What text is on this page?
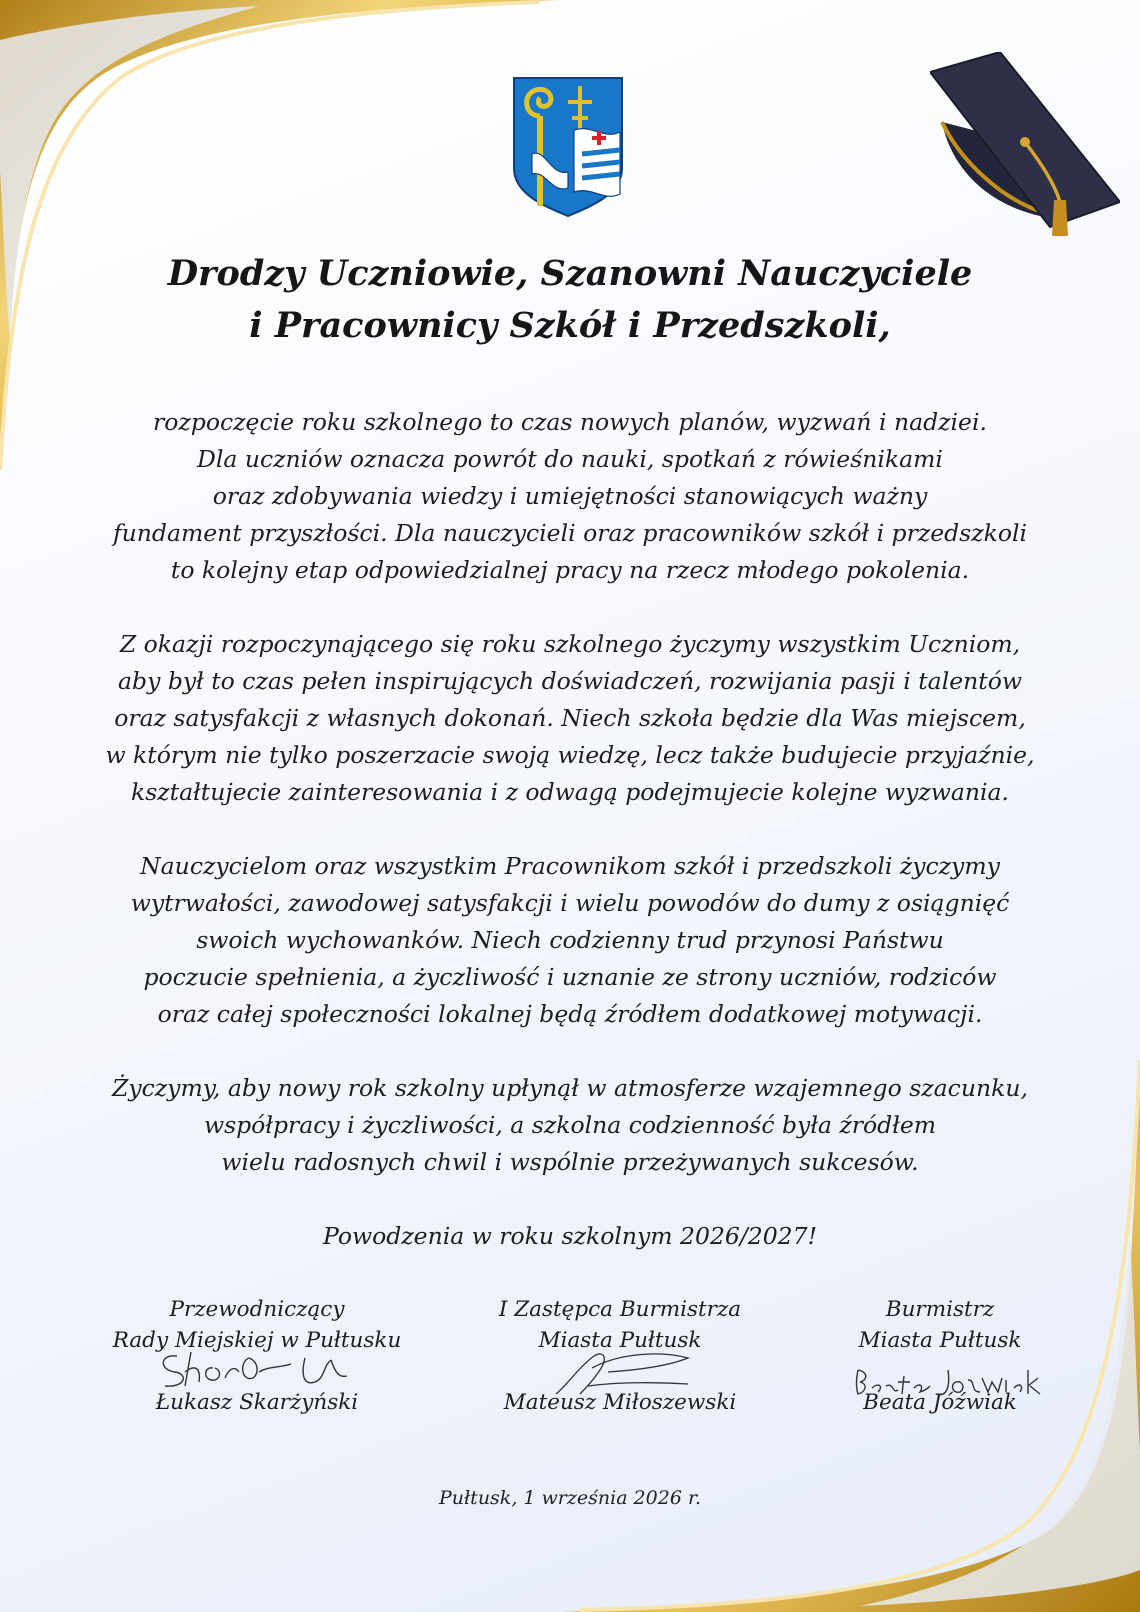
Drodzy Uczniowie, Szanowni Nauczyciele
i Pracownicy Szkół i Przedszkoli,
rozpoczęcie roku szkolnego to czas nowych planów, wyzwań i nadziei.
Dla uczniów oznacza powrót do nauki, spotkań z rówieśnikami
oraz zdobywania wiedzy i umiejętności stanowiących ważny
fundament przyszłości. Dla nauczycieli oraz pracowników szkół i przedszkoli
to kolejny etap odpowiedzialnej pracy na rzecz młodego pokolenia.
Z okazji rozpoczynającego się roku szkolnego życzymy wszystkim Uczniom,
aby był to czas pełen inspirujących doświadczeń, rozwijania pasji i talentów
oraz satysfakcji z własnych dokonań. Niech szkoła będzie dla Was miejscem,
w którym nie tylko poszerzacie swoją wiedzę, lecz także budujecie przyjaźnie,
kształtujecie zainteresowania i z odwagą podejmujecie kolejne wyzwania.
Nauczycielom oraz wszystkim Pracownikom szkół i przedszkoli życzymy
wytrwałości, zawodowej satysfakcji i wielu powodów do dumy z osiągnięć
swoich wychowanków. Niech codzienny trud przynosi Państwu
poczucie spełnienia, a życzliwość i uznanie ze strony uczniów, rodziców
oraz całej społeczności lokalnej będą źródłem dodatkowej motywacji.
Życzymy, aby nowy rok szkolny upłynął w atmosferze wzajemnego szacunku,
współpracy i życzliwości, a szkolna codzienność była źródłem
wielu radosnych chwil i wspólnie przeżywanych sukcesów.
Powodzenia w roku szkolnym 2026/2027!
Przewodniczący
Rady Miejskiej w Pułtusku
Łukasz Skarżyński
I Zastępca Burmistrza
Miasta Pułtusk
Mateusz Miłoszewski
Burmistrz
Miasta Pułtusk
Beata Jóźwiak
Pułtusk, 1 września 2026 r.
